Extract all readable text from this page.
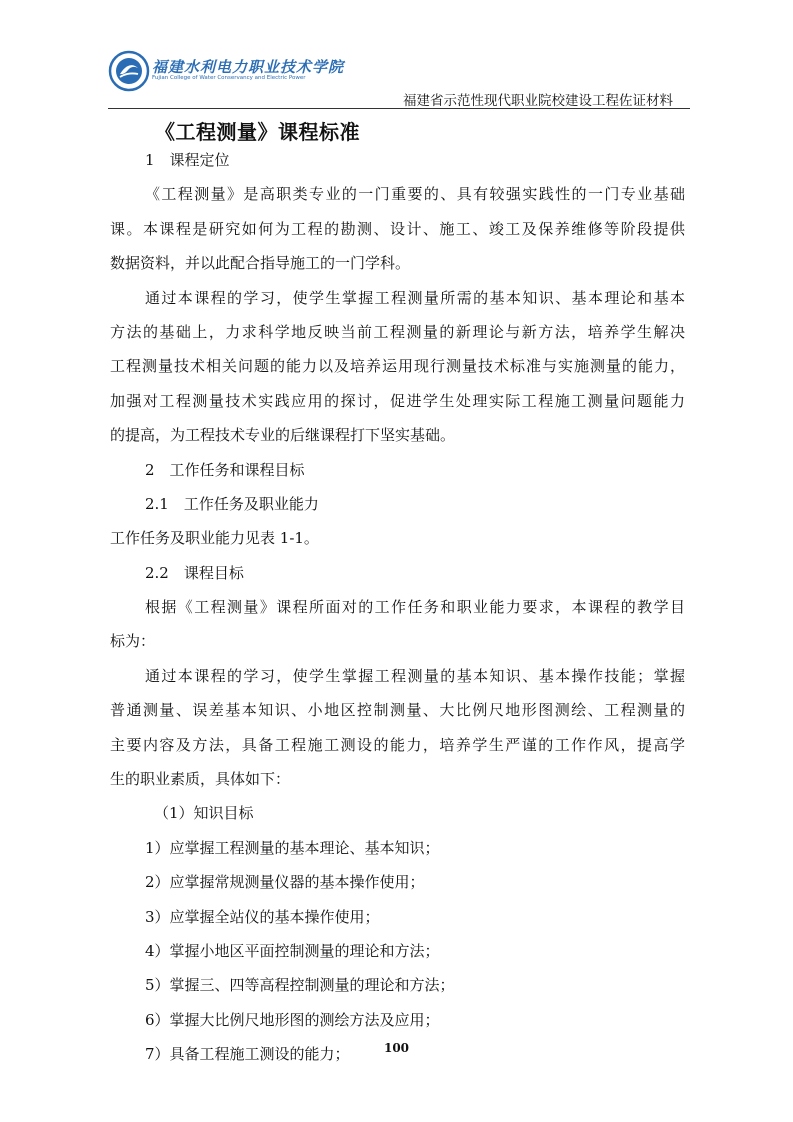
福建水利电力职业技术学院
Fujian College of Water Conservancy and Electric Power
福建省示范性现代职业院校建设工程佐证材料
《工程测量》课程标准
1　课程定位
《工程测量》是高职类专业的一门重要的、具有较强实践性的一门专业基础
课。本课程是研究如何为工程的勘测、设计、施工、竣工及保养维修等阶段提供
数据资料，并以此配合指导施工的一门学科。
通过本课程的学习，使学生掌握工程测量所需的基本知识、基本理论和基本
方法的基础上，力求科学地反映当前工程测量的新理论与新方法，培养学生解决
工程测量技术相关问题的能力以及培养运用现行测量技术标准与实施测量的能力，
加强对工程测量技术实践应用的探讨，促进学生处理实际工程施工测量问题能力
的提高，为工程技术专业的后继课程打下坚实基础。
2　工作任务和课程目标
2.1　工作任务及职业能力
工作任务及职业能力见表 1-1。
2.2　课程目标
根据《工程测量》课程所面对的工作任务和职业能力要求，本课程的教学目
标为：
通过本课程的学习，使学生掌握工程测量的基本知识、基本操作技能；掌握
普通测量、误差基本知识、小地区控制测量、大比例尺地形图测绘、工程测量的
主要内容及方法，具备工程施工测设的能力，培养学生严谨的工作作风，提高学
生的职业素质，具体如下：
（1）知识目标
1）应掌握工程测量的基本理论、基本知识；
2）应掌握常规测量仪器的基本操作使用；
3）应掌握全站仪的基本操作使用；
4）掌握小地区平面控制测量的理论和方法；
5）掌握三、四等高程控制测量的理论和方法；
6）掌握大比例尺地形图的测绘方法及应用；
7）具备工程施工测设的能力；	100
